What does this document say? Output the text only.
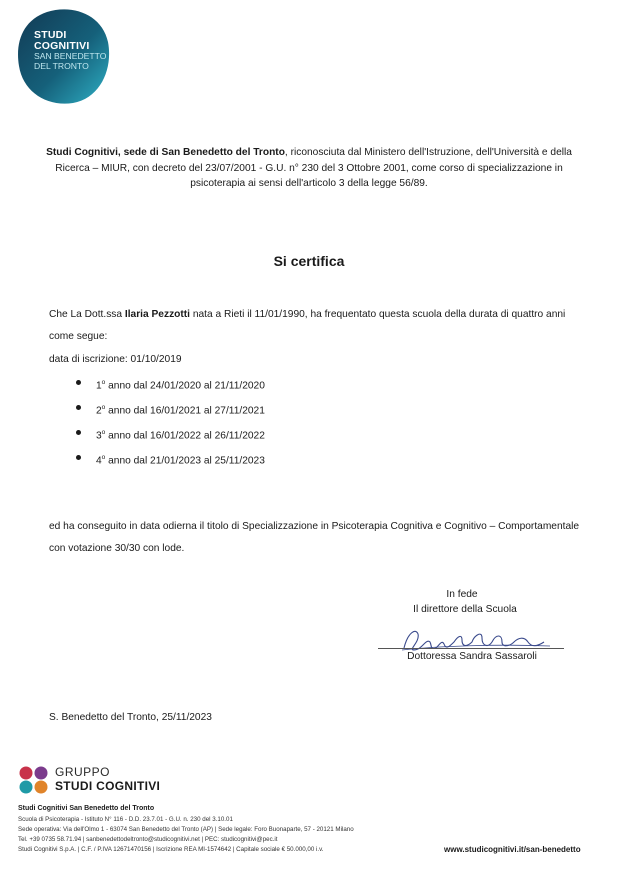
STUDI
COGNITIVI
SAN BENEDETTO
DEL TRONTO
Studi Cognitivi, sede di San Benedetto del Tronto, riconosciuta dal Ministero dell'Istruzione, dell'Università e della Ricerca – MIUR, con decreto del 23/07/2001 - G.U. n° 230 del 3 Ottobre 2001, come corso di specializzazione in psicoterapia ai sensi dell'articolo 3 della legge 56/89.
Si certifica
Che La Dott.ssa Ilaria Pezzotti nata a Rieti il 11/01/1990, ha frequentato questa scuola della durata di quattro anni come segue:
data di iscrizione: 01/10/2019
1$^o$ anno dal 24/01/2020 al 21/11/2020
2$^o$ anno dal 16/01/2021 al 27/11/2021
3$^o$ anno dal 16/01/2022 al 26/11/2022
4$^o$ anno dal 21/01/2023 al 25/11/2023
ed ha conseguito in data odierna il titolo di Specializzazione in Psicoterapia Cognitiva e Cognitivo – Comportamentale con votazione 30/30 con lode.
In fede
Il direttore della Scuola
Dottoressa Sandra Sassaroli
S. Benedetto del Tronto, 25/11/2023
GRUPPO
STUDI COGNITIVI
Studi Cognitivi San Benedetto del Tronto
Scuola di Psicoterapia - Istituto N° 116 - D.D. 23.7.01 - G.U. n. 230 del 3.10.01
Sede operativa: Via dell'Olmo 1 - 63074 San Benedetto del Tronto (AP) | Sede legale: Foro Buonaparte, 57 - 20121 Milano
Tel. +39 0735 58.71.94 | sanbenedettodeltronto@studicognitivi.net | PEC: studicognitivi@pec.it
Studi Cognitivi S.p.A. | C.F. / P.IVA 12671470156 | Iscrizione REA MI-1574642 | Capitale sociale € 50.000,00 i.v.	www.studicognitivi.it/san-benedetto
